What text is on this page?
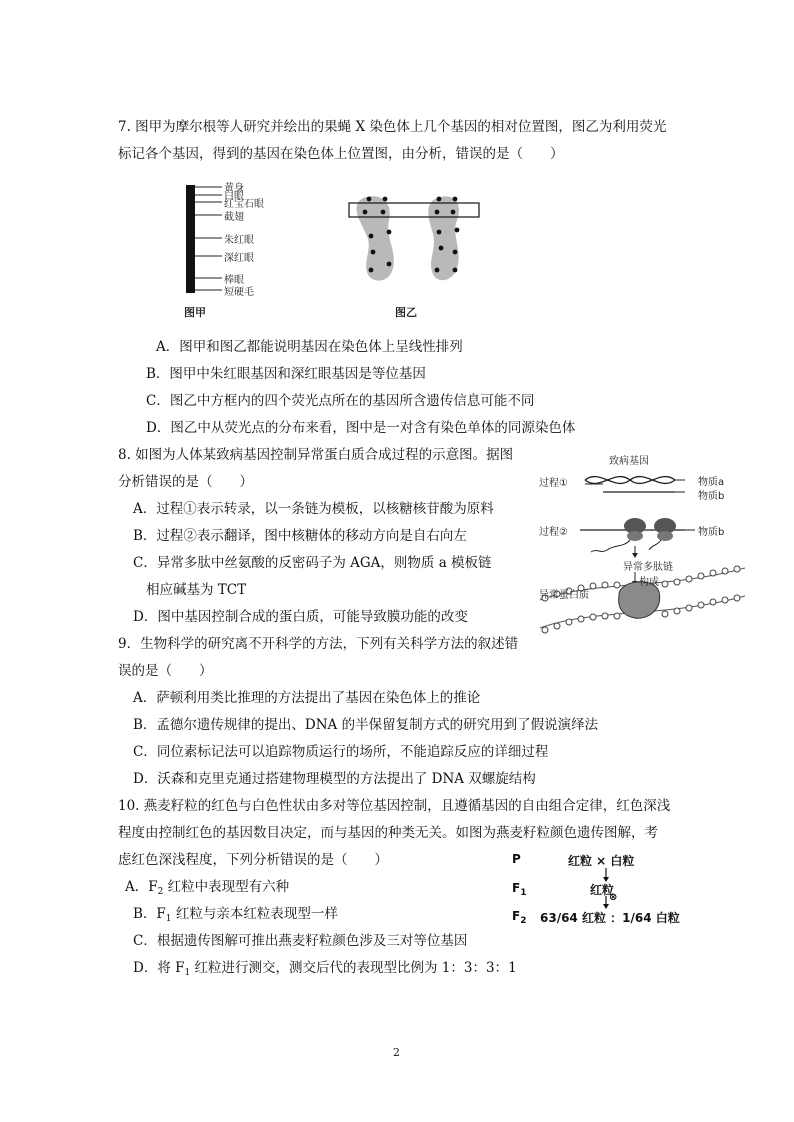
7. 图甲为摩尔根等人研究并绘出的果蝇 X 染色体上几个基因的相对位置图，图乙为利用荧光
标记各个基因，得到的基因在染色体上位置图，由分析，错误的是（　　）
黄身
白眼
红宝石眼
截翅
朱红眼
深红眼
棒眼
短硬毛
图甲	图乙
A．图甲和图乙都能说明基因在染色体上呈线性排列
B．图甲中朱红眼基因和深红眼基因是等位基因
C．图乙中方框内的四个荧光点所在的基因所含遗传信息可能不同
D．图乙中从荧光点的分布来看，图中是一对含有染色单体的同源染色体
8. 如图为人体某致病基因控制异常蛋白质合成过程的示意图。据图
分析错误的是（　　）
A．过程①表示转录，以一条链为模板，以核糖核苷酸为原料
B．过程②表示翻译，图中核糖体的移动方向是自右向左
C．异常多肽中丝氨酸的反密码子为 AGA，则物质 a 模板链
相应碱基为 TCT
D．图中基因控制合成的蛋白质，可能导致膜功能的改变
致病基因
过程①	物质a
物质b
过程②	物质b
异常多肽链
构成
异常蛋白质
9．生物科学的研究离不开科学的方法，下列有关科学方法的叙述错
误的是（　　）
A．萨顿利用类比推理的方法提出了基因在染色体上的推论
B．孟德尔遗传规律的提出、DNA 的半保留复制方式的研究用到了假说演绎法
C．同位素标记法可以追踪物质运行的场所，不能追踪反应的详细过程
D．沃森和克里克通过搭建物理模型的方法提出了 DNA 双螺旋结构
10. 燕麦籽粒的红色与白色性状由多对等位基因控制，且遵循基因的自由组合定律，红色深浅
程度由控制红色的基因数目决定，而与基因的种类无关。如图为燕麦籽粒颜色遗传图解，考
虑红色深浅程度，下列分析错误的是（　　）
A．$F_2$ 红粒中表现型有六种
B．$F_1$ 红粒与亲本红粒表现型一样
C．根据遗传图解可推出燕麦籽粒颜色涉及三对等位基因
D．将 $F_1$ 红粒进行测交，测交后代的表现型比例为 1：3：3：1
P	红粒 × 白粒
⊗
$F_1$	红粒
$F_2$ 63/64 红粒 ：1/64 白粒
2
